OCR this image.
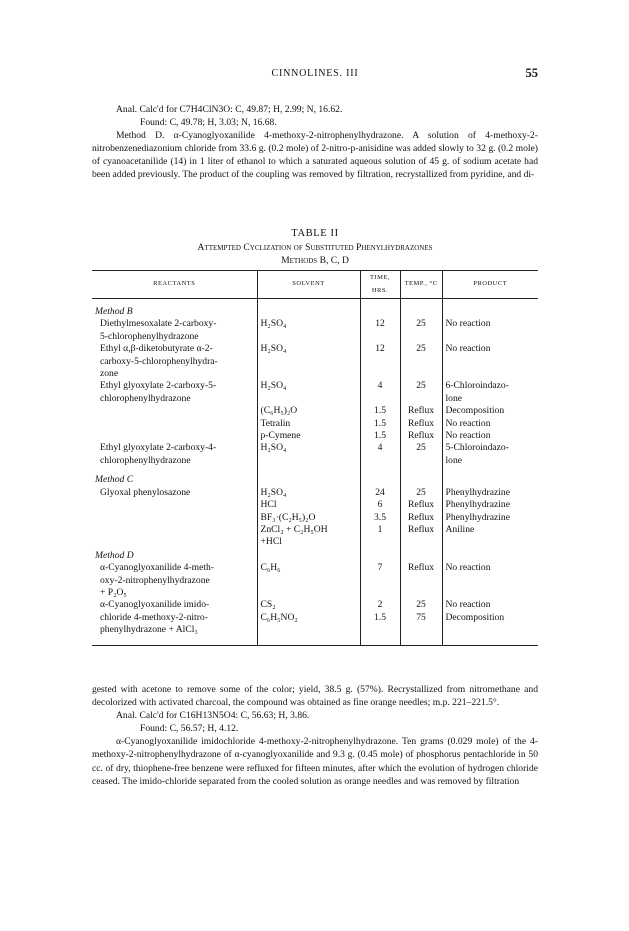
CINNOLINES. III	55

Anal. Calc'd for C7H4ClN3O: C, 49.87; H, 2.99; N, 16.62.

Found: C, 49.78; H, 3.03; N, 16.68.

Method D. α-Cyanoglyoxanilide 4-methoxy-2-nitrophenylhydrazone. A solution of 4-methoxy-2-nitrobenzenediazonium chloride from 33.6 g. (0.2 mole) of 2-nitro-p-anisidine was added slowly to 32 g. (0.2 mole) of cyanoacetanilide (14) in 1 liter of ethanol to which a saturated aqueous solution of 45 g. of sodium acetate had been added previously. The product of the coupling was removed by filtration, recrystallized from pyridine, and di-

TABLE II
Attempted Cyclization of Substituted Phenylhydrazones
Methods B, C, D
REACTANTS	SOLVENT	TIME, HRS.	TEMP., °C	PRODUCT

Method B				
Diethylmesoxalate 2-carboxy-	H₂SO₄	12	25	No reaction
5-chlorophenylhydrazone				
Ethyl α,β-diketobutyrate α-2-	H₂SO₄	12	25	No reaction
carboxy-5-chlorophenylhydra-				
zone				
Ethyl glyoxylate 2-carboxy-5-	H₂SO₄	4	25	6-Chloroindazo-
chlorophenylhydrazone				lone
	(C₆H₅)₂O	1.5	Reflux	Decomposition
	Tetralin	1.5	Reflux	No reaction
	p-Cymene	1.5	Reflux	No reaction
Ethyl glyoxylate 2-carboxy-4-	H₂SO₄	4	25	5-Chloroindazo-
chlorophenylhydrazone				lone

Method C				
Glyoxal phenylosazone	H₂SO₄	24	25	Phenylhydrazine
	HCl	6	Reflux	Phenylhydrazine
	BF₃·(C₂H₅)₂O	3.5	Reflux	Phenylhydrazine
	ZnCl₂ + C₂H₅OH	1	Reflux	Aniline
	+HCl			
Method D				
α-Cyanoglyoxanilide 4-meth-	C₆H₆	7	Reflux	No reaction
oxy-2-nitrophenylhydrazone				
+ P₂O₅				
α-Cyanoglyoxanilide imido-	CS₂	2	25	No reaction
chloride 4-methoxy-2-nitro-	C₆H₅NO₂	1.5	75	Decomposition
phenylhydrazone + AlCl₃				

gested with acetone to remove some of the color; yield, 38.5 g. (57%). Recrystallized from nitromethane and decolorized with activated charcoal, the compound was obtained as fine orange needles; m.p. 221–221.5°.

Anal. Calc'd for C16H13N5O4: C, 56.63; H, 3.86.

Found: C, 56.57; H, 4.12.

α-Cyanoglyoxanilide imidochloride 4-methoxy-2-nitrophenylhydrazone. Ten grams (0.029 mole) of the 4-methoxy-2-nitrophenylhydrazone of α-cyanoglyoxanilide and 9.3 g. (0.45 mole) of phosphorus pentachloride in 50 cc. of dry, thiophene-free benzene were refluxed for fifteen minutes, after which the evolution of hydrogen chloride ceased. The imido-chloride separated from the cooled solution as orange needles and was removed by filtration
